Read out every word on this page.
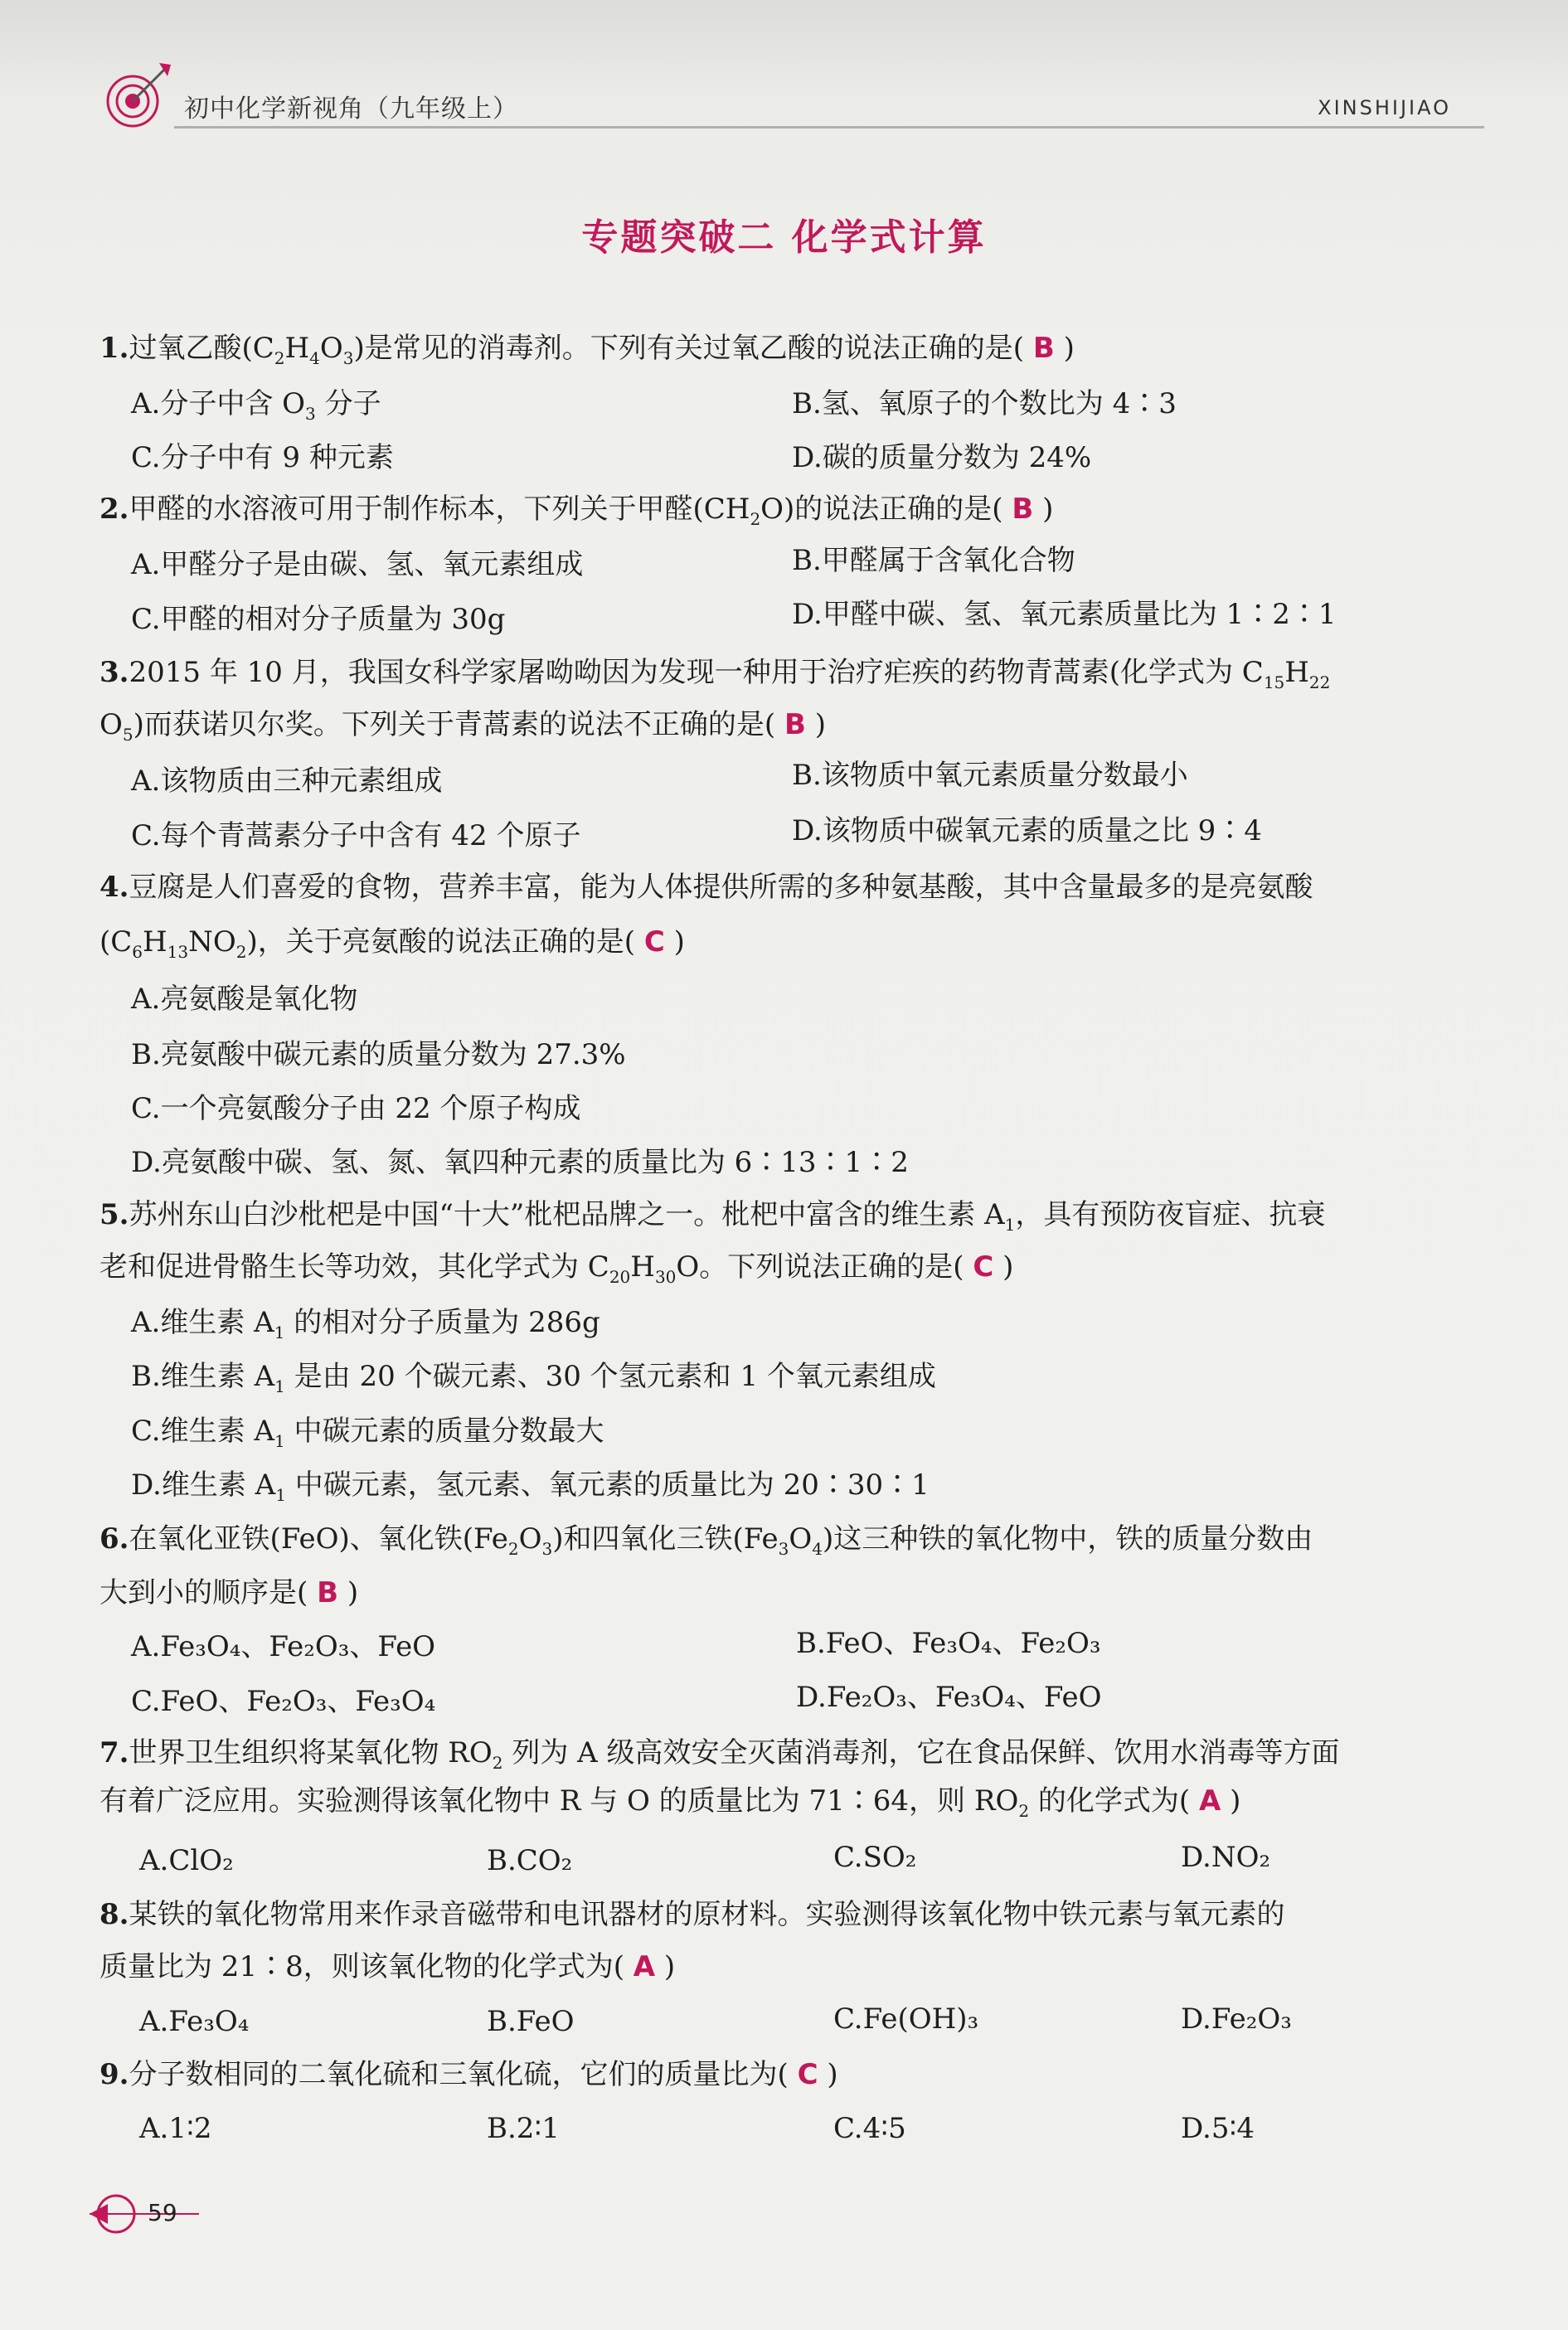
初中化学新视角（九年级上）	XINSHIJIAO
专题突破二 化学式计算
1.过氧乙酸$(C_2H_4O_3)$是常见的消毒剂。下列有关过氧乙酸的说法正确的是( B )
A.分子中含 $O_3$ 分子	B.氢、氧原子的个数比为 4∶3
C.分子中有 9 种元素	D.碳的质量分数为 24%
2.甲醛的水溶液可用于制作标本，下列关于甲醛$(CH_2O)$的说法正确的是( B )
A.甲醛分子是由碳、氢、氧元素组成	B.甲醛属于含氧化合物
C.甲醛的相对分子质量为 30g	D.甲醛中碳、氢、氧元素质量比为 1∶2∶1
3.2015 年 10 月，我国女科学家屠呦呦因为发现一种用于治疗疟疾的药物青蒿素(化学式为 $C_{15}H_{22}$
$O_5$)而获诺贝尔奖。下列关于青蒿素的说法不正确的是( B )
A.该物质由三种元素组成	B.该物质中氧元素质量分数最小
C.每个青蒿素分子中含有 42 个原子	D.该物质中碳氧元素的质量之比 9∶4
4.豆腐是人们喜爱的食物，营养丰富，能为人体提供所需的多种氨基酸，其中含量最多的是亮氨酸
$(C_6H_{13}NO_2)$，关于亮氨酸的说法正确的是( C )
A.亮氨酸是氧化物
B.亮氨酸中碳元素的质量分数为 27.3%
C.一个亮氨酸分子由 22 个原子构成
D.亮氨酸中碳、氢、氮、氧四种元素的质量比为 6∶13∶1∶2
5.苏州东山白沙枇杷是中国“十大”枇杷品牌之一。枇杷中富含的维生素 $A_1$，具有预防夜盲症、抗衰
老和促进骨骼生长等功效，其化学式为 $C_{20}H_{30}O$。下列说法正确的是( C )
A.维生素 $A_1$ 的相对分子质量为 286g
B.维生素 $A_1$ 是由 20 个碳元素、30 个氢元素和 1 个氧元素组成
C.维生素 $A_1$ 中碳元素的质量分数最大
D.维生素 $A_1$ 中碳元素，氢元素、氧元素的质量比为 20∶30∶1
6.在氧化亚铁(FeO)、氧化铁$(Fe_2O_3)$和四氧化三铁$(Fe_3O_4)$这三种铁的氧化物中，铁的质量分数由
大到小的顺序是( B )
A.Fe₃O₄、Fe₂O₃、FeO	B.FeO、Fe₃O₄、Fe₂O₃
C.FeO、Fe₂O₃、Fe₃O₄	D.Fe₂O₃、Fe₃O₄、FeO
7.世界卫生组织将某氧化物 $RO_2$ 列为 A 级高效安全灭菌消毒剂，它在食品保鲜、饮用水消毒等方面
有着广泛应用。实验测得该氧化物中 R 与 O 的质量比为 71∶64，则 $RO_2$ 的化学式为( A )
A.ClO₂	B.CO₂	C.SO₂	D.NO₂
8.某铁的氧化物常用来作录音磁带和电讯器材的原材料。实验测得该氧化物中铁元素与氧元素的
质量比为 21∶8，则该氧化物的化学式为( A )
A.Fe₃O₄	B.FeO	C.Fe(OH)₃	D.Fe₂O₃
9.分子数相同的二氧化硫和三氧化硫，它们的质量比为( C )
A.1∶2	B.2∶1	C.4∶5	D.5∶4
59
